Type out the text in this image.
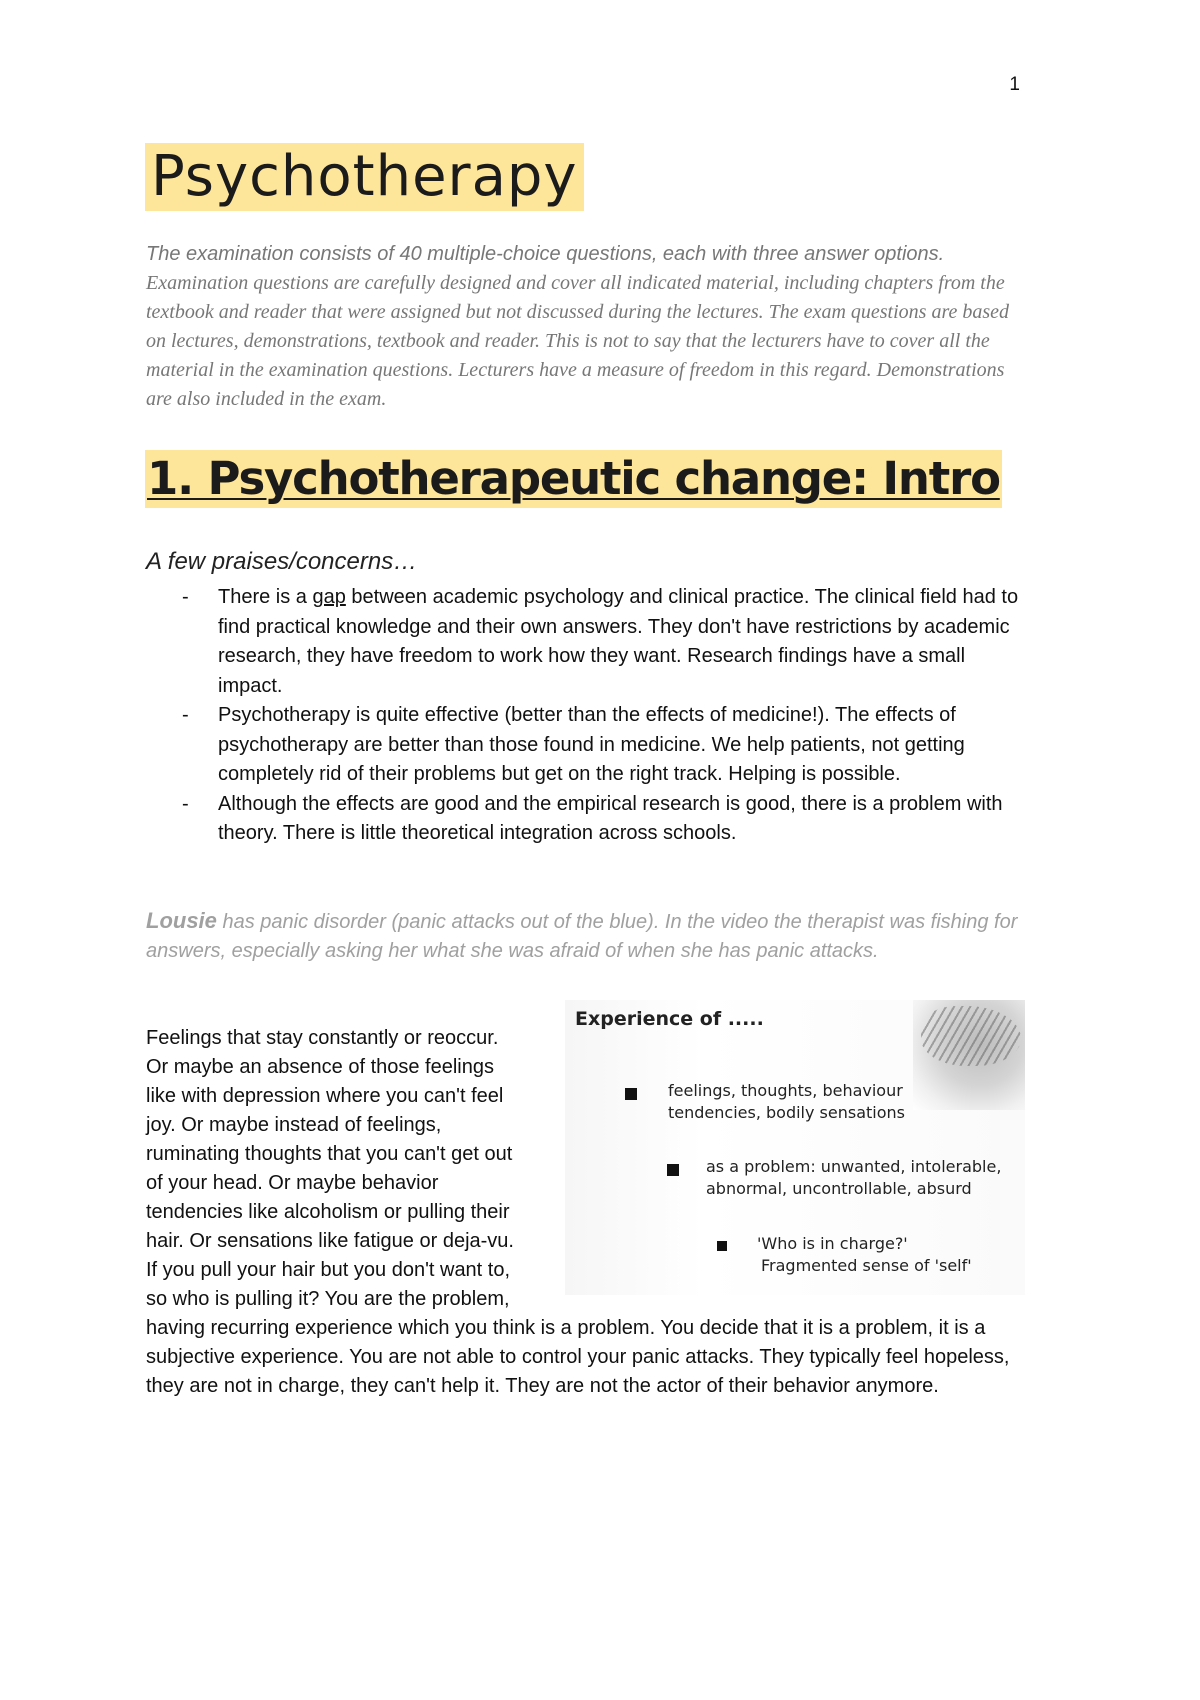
1
Psychotherapy

The examination consists of 40 multiple-choice questions, each with three answer options. Examination questions are carefully designed and cover all indicated material, including chapters from the textbook and reader that were assigned but not discussed during the lectures. The exam questions are based on lectures, demonstrations, textbook and reader. This is not to say that the lecturers have to cover all the material in the examination questions. Lecturers have a measure of freedom in this regard. Demonstrations are also included in the exam.

1. Psychotherapeutic change: Intro
A few praises/concerns…
- There is a gap between academic psychology and clinical practice. The clinical field had to find practical knowledge and their own answers. They don't have restrictions by academic research, they have freedom to work how they want. Research findings have a small impact.
- Psychotherapy is quite effective (better than the effects of medicine!). The effects of psychotherapy are better than those found in medicine. We help patients, not getting completely rid of their problems but get on the right track. Helping is possible.
- Although the effects are good and the empirical research is good, there is a problem with theory. There is little theoretical integration across schools.

Lousie has panic disorder (panic attacks out of the blue). In the video the therapist was fishing for answers, especially asking her what she was afraid of when she has panic attacks.

Feelings that stay constantly or reoccur. Or maybe an absence of those feelings like with depression where you can't feel joy. Or maybe instead of feelings, ruminating thoughts that you can't get out of your head. Or maybe behavior tendencies like alcoholism or pulling their hair. Or sensations like fatigue or deja-vu. If you pull your hair but you don't want to, so who is pulling it? You are the problem, having recurring experience which you think is a problem. You decide that it is a problem, it is a subjective experience. You are not able to control your panic attacks. They typically feel hopeless, they are not in charge, they can't help it. They are not the actor of their behavior anymore.

Experience of .....
feelings, thoughts, behaviour
tendencies, bodily sensations
as a problem: unwanted, intolerable,
abnormal, uncontrollable, absurd
'Who is in charge?'
Fragmented sense of 'self'
